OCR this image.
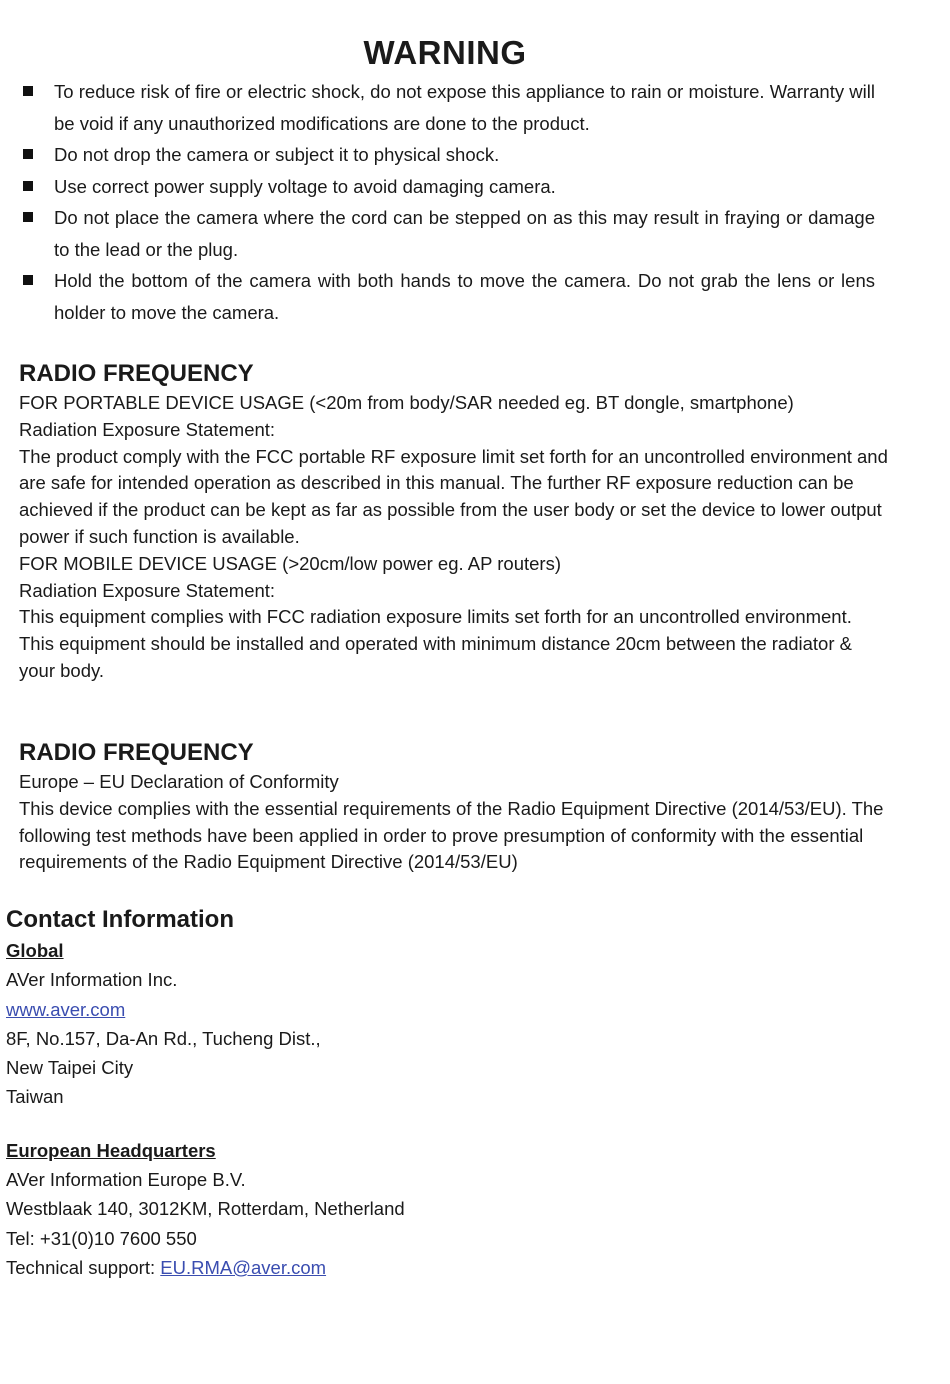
WARNING
To reduce risk of fire or electric shock, do not expose this appliance to rain or moisture. Warranty will be void if any unauthorized modifications are done to the product.
Do not drop the camera or subject it to physical shock.
Use correct power supply voltage to avoid damaging camera.
Do not place the camera where the cord can be stepped on as this may result in fraying or damage to the lead or the plug.
Hold the bottom of the camera with both hands to move the camera. Do not grab the lens or lens holder to move the camera.
RADIO FREQUENCY

FOR PORTABLE DEVICE USAGE (<20m from body/SAR needed eg. BT dongle, smartphone)

Radiation Exposure Statement:

The product comply with the FCC portable RF exposure limit set forth for an uncontrolled environment and are safe for intended operation as described in this manual. The further RF exposure reduction can be achieved if the product can be kept as far as possible from the user body or set the device to lower output power if such function is available.

FOR MOBILE DEVICE USAGE (>20cm/low power eg. AP routers)

Radiation Exposure Statement:

This equipment complies with FCC radiation exposure limits set forth for an uncontrolled environment. This equipment should be installed and operated with minimum distance 20cm between the radiator & your body.

RADIO FREQUENCY

Europe – EU Declaration of Conformity

This device complies with the essential requirements of the Radio Equipment Directive (2014/53/EU). The following test methods have been applied in order to prove presumption of conformity with the essential requirements of the Radio Equipment Directive (2014/53/EU)

Contact Information
Global
AVer Information Inc.
www.aver.com
8F, No.157, Da-An Rd., Tucheng Dist.,
New Taipei City
Taiwan
European Headquarters
AVer Information Europe B.V.
Westblaak 140, 3012KM, Rotterdam, Netherland
Tel: +31(0)10 7600 550
Technical support: EU.RMA@aver.com
